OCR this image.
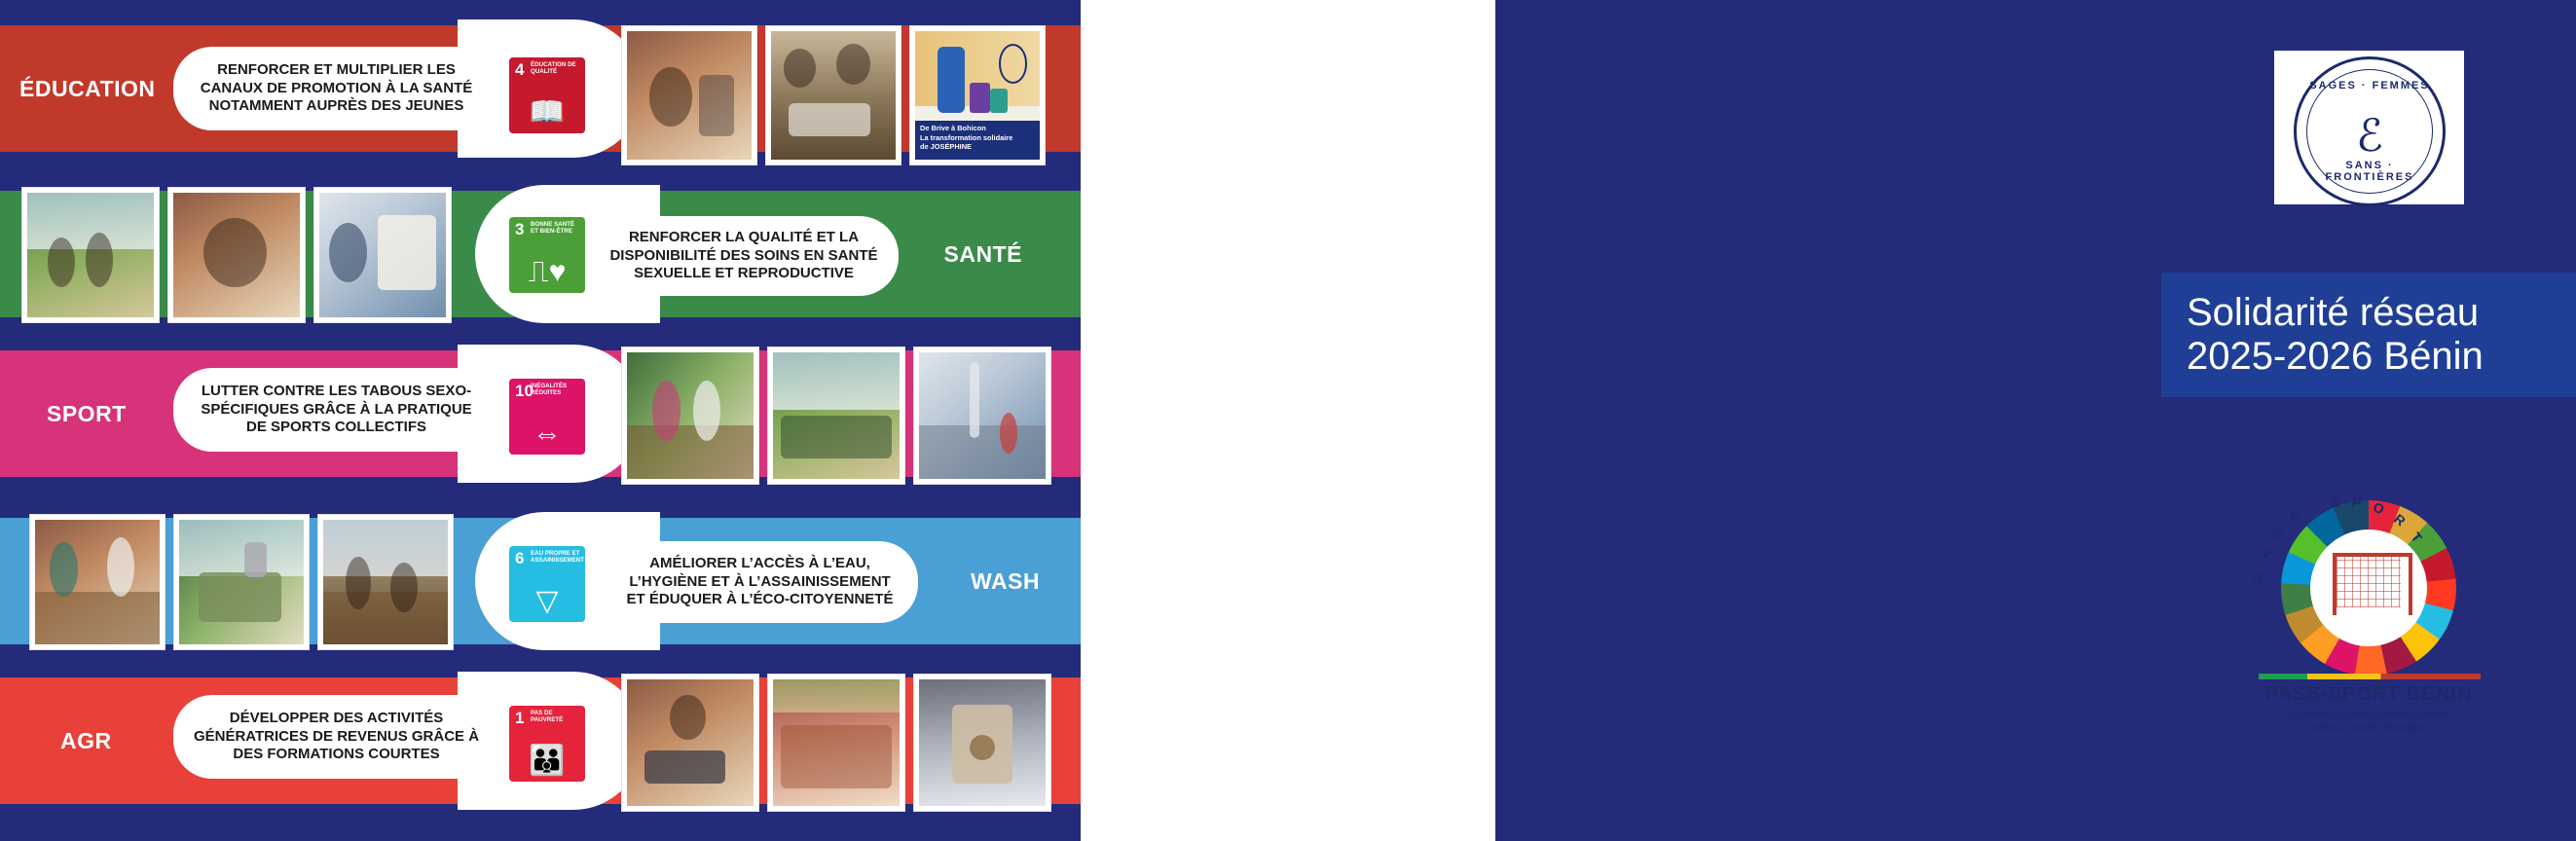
ÉDUCATION
RENFORCER ET MULTIPLIER LES CANAUX DE PROMOTION À LA SANTÉ NOTAMMENT AUPRÈS DES JEUNES
4 ÉDUCATION DE QUALITÉ
📖	De Brive à Bohicon
La transformation solidaire
de JOSÉPHINE
SANTÉ
3 BONNE SANTÉ ET BIEN-ÊTRE
⎍♥
RENFORCER LA QUALITÉ ET LA DISPONIBILITÉ DES SOINS EN SANTÉ SEXUELLE ET REPRODUCTIVE
SPORT
LUTTER CONTRE LES TABOUS SEXO-SPÉCIFIQUES GRÂCE À LA PRATIQUE DE SPORTS COLLECTIFS
10
INÉGALITÉS RÉDUITES
⇔
WASH
6 EAU PROPRE ET ASSAINISSEMENT
▽
AMÉLIORER L’ACCÈS À L’EAU, L’HYGIÈNE ET À L’ASSAINISSEMENT ET ÉDUQUER À L’ÉCO-CITOYENNETÉ
AGR
DÉVELOPPER DES ACTIVITÉS GÉNÉRATRICES DE REVENUS GRÂCE À DES FORMATIONS COURTES
1 PAS DE PAUVRETÉ
👪
SAGES · FEMMES
ℰ
SANS · FRONTIÈRES
Solidarité réseau
2025-2026 Bénin
P
A
S
S
- S P O
R
T
PASS-SPORT BENIN
Objectifs de Développement Durable
Actions Conseils Education
